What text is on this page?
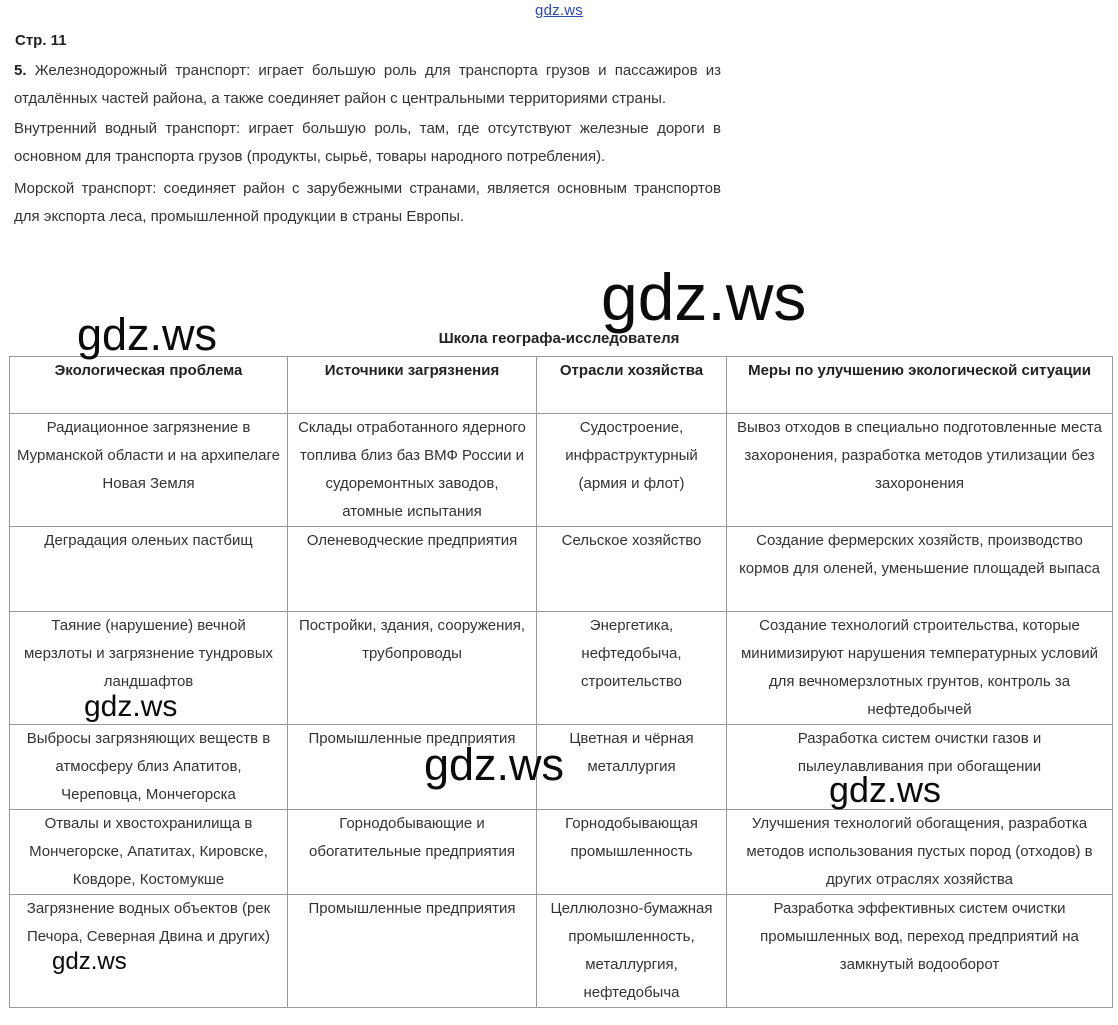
gdz.ws
Стр. 11

5. Железнодорожный транспорт: играет большую роль для транспорта грузов и пассажиров из отдалённых частей района, а также соединяет район с центральными территориями страны.

Внутренний водный транспорт: играет большую роль, там, где отсутствуют железные дороги в основном для транспорта грузов (продукты, сырьё, товары народного потребления).

Морской транспорт: соединяет район с зарубежными странами, является основным транспортов для экспорта леса, промышленной продукции в страны Европы.

Школа географа-исследователя
Экологическая проблема	Источники загрязнения	Отрасли хозяйства	Меры по улучшению экологической ситуации
Радиационное загрязнение в Мурманской области и на архипелаге Новая Земля	Склады отработанного ядерного топлива близ баз ВМФ России и судоремонтных заводов, атомные испытания	Судостроение, инфраструктурный (армия и флот)	Вывоз отходов в специально подготовленные места захоронения, разработка методов утилизации без захоронения
Деградация оленьих пастбищ	Оленеводческие предприятия	Сельское хозяйство	Создание фермерских хозяйств, производство кормов для оленей, уменьшение площадей выпаса
Таяние (нарушение) вечной мерзлоты и загрязнение тундровых ландшафтов	Постройки, здания, сооружения, трубопроводы	Энергетика, нефтедобыча, строительство	Создание технологий строительства, которые минимизируют нарушения температурных условий для вечномерзлотных грунтов, контроль за нефтедобычей
Выбросы загрязняющих веществ в атмосферу близ Апатитов, Череповца, Мончегорска	Промышленные предприятия	Цветная и чёрная металлургия	Разработка систем очистки газов и пылеулавливания при обогащении
Отвалы и хвостохранилища в Мончегорске, Апатитах, Кировске, Ковдоре, Костомукше	Горнодобывающие и обогатительные предприятия	Горнодобывающая промышленность	Улучшения технологий обогащения, разработка методов использования пустых пород (отходов) в других отраслях хозяйства
Загрязнение водных объектов (рек Печора, Северная Двина и других)	Промышленные предприятия	Целлюлозно-бумажная промышленность, металлургия, нефтедобыча	Разработка эффективных систем очистки промышленных вод, переход предприятий на замкнутый водооборот
gdz.ws
gdz.ws
gdz.ws
gdz.ws	gdz.ws
gdz.ws
